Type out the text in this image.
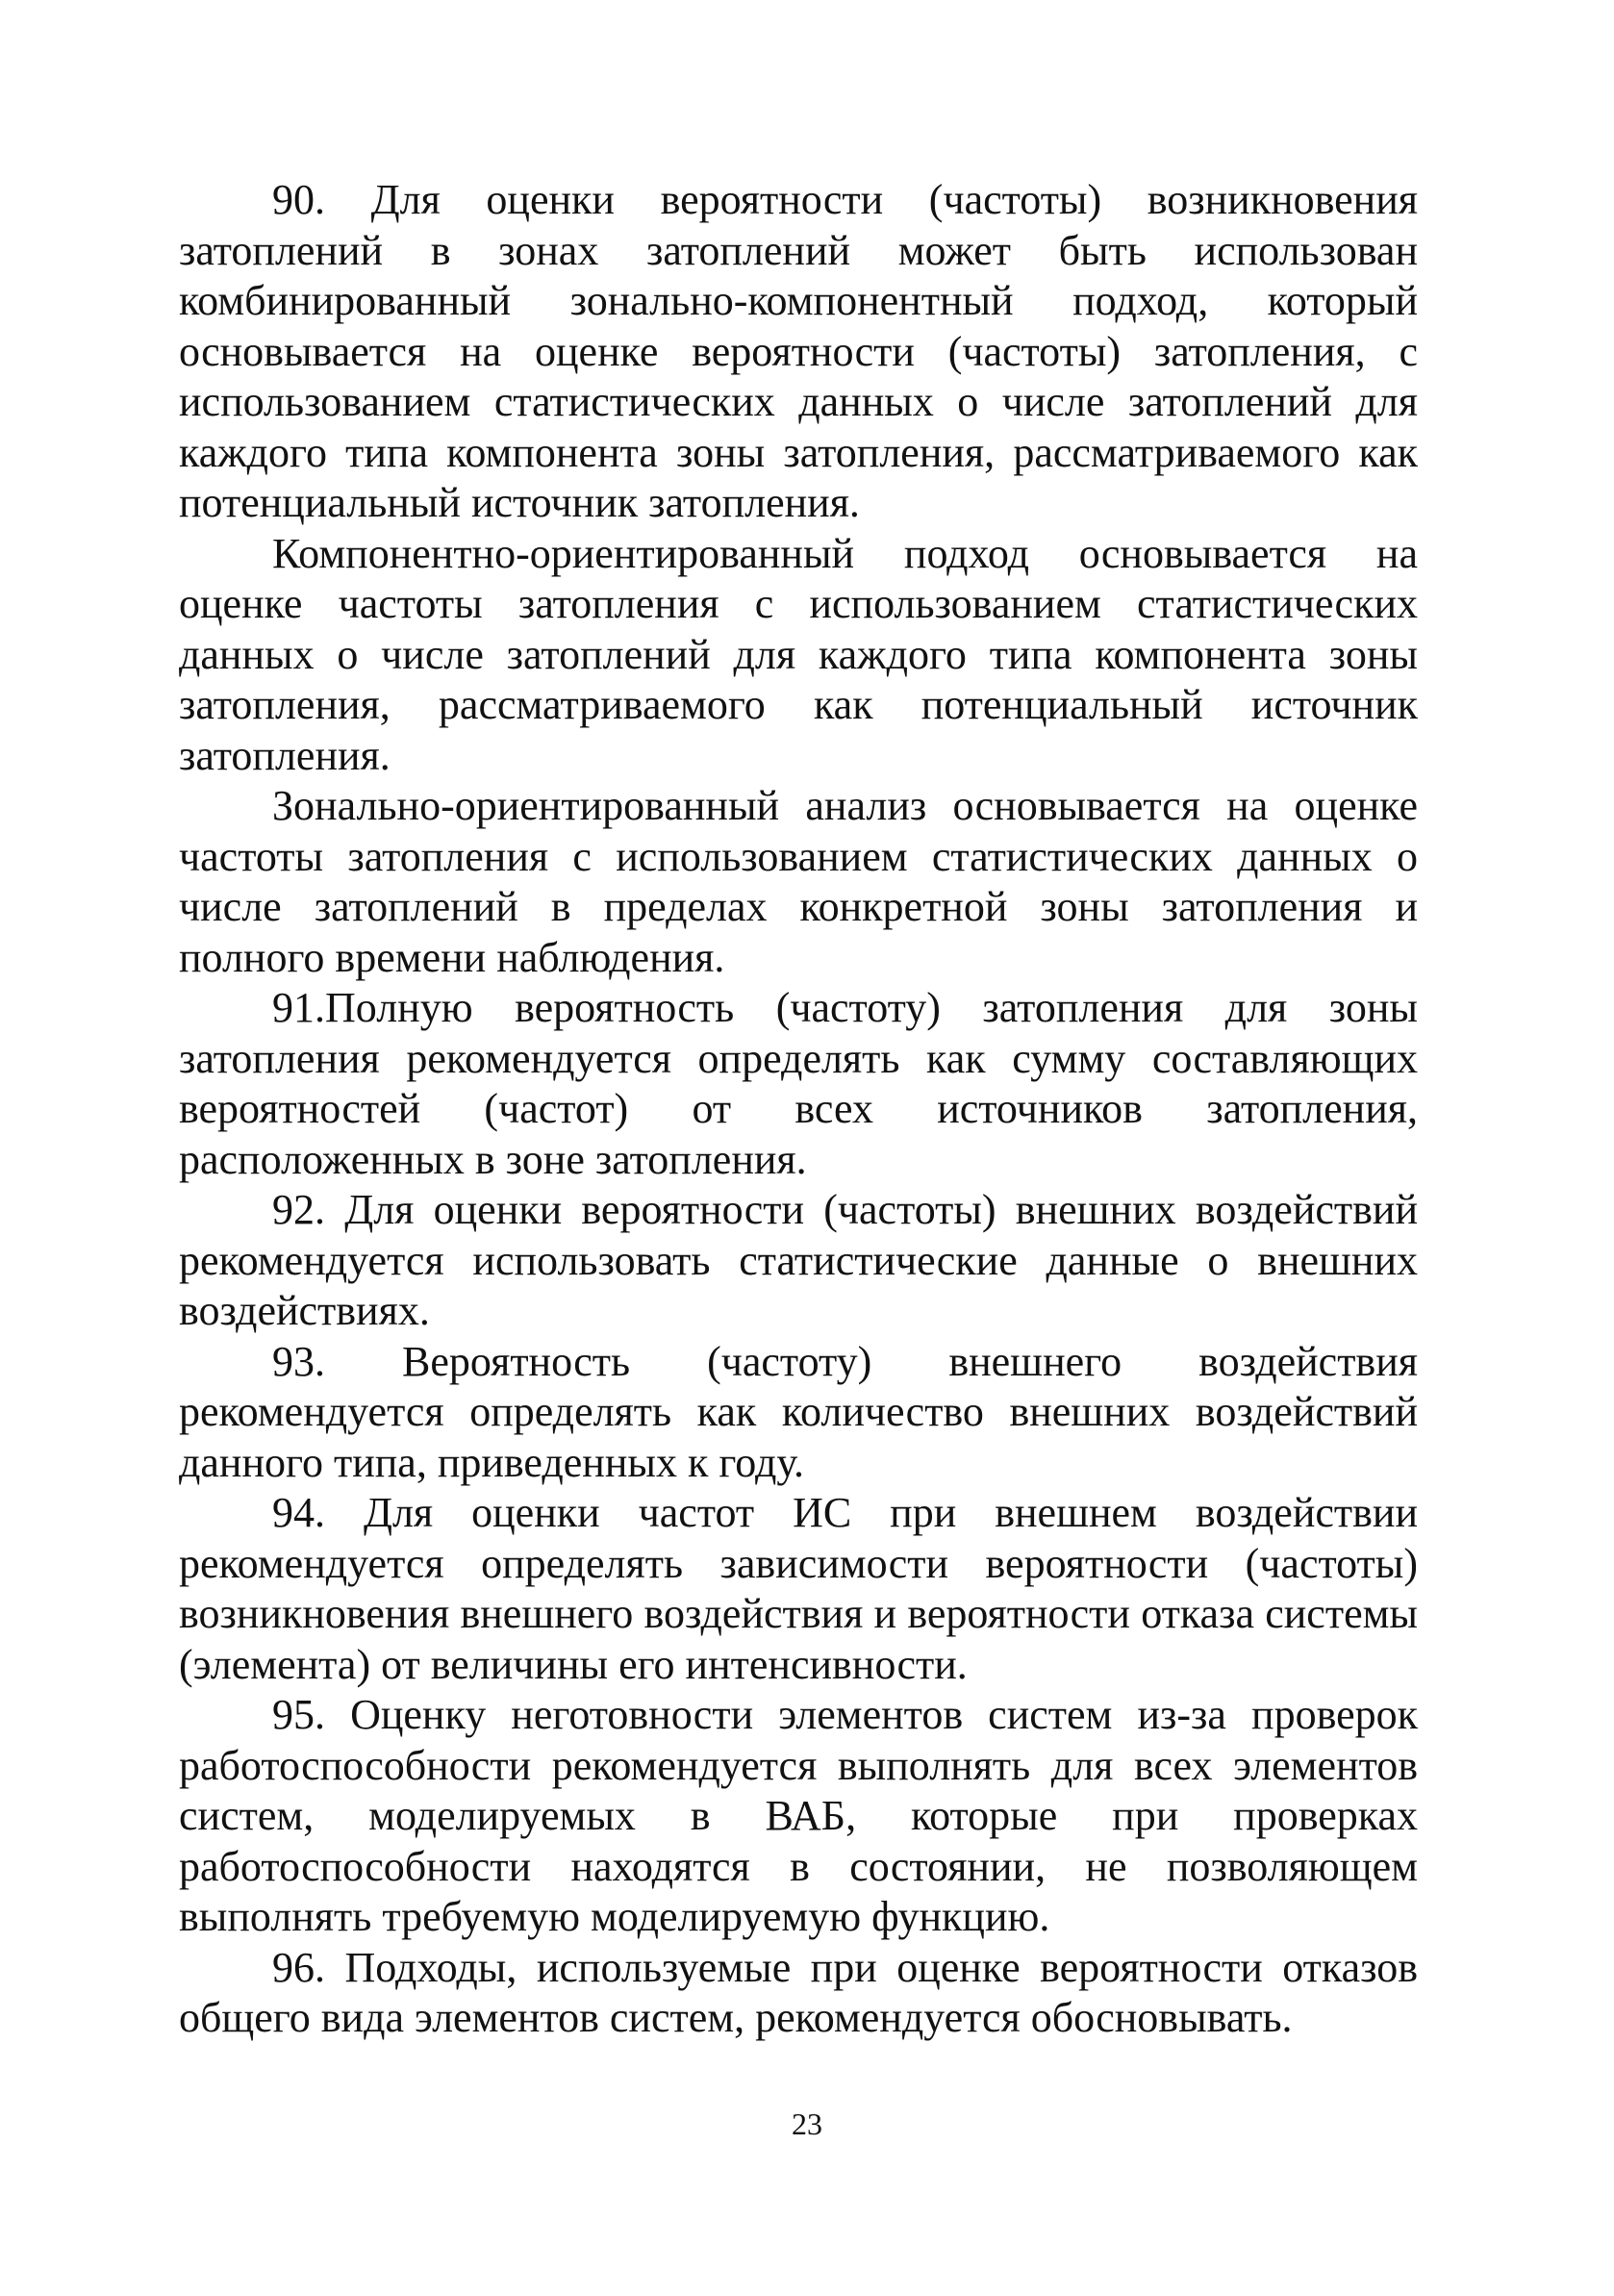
90. Для оценки вероятности (частоты) возникновения затоплений в зонах затоплений может быть использован комбинированный зонально-компонентный подход, который основывается на оценке вероятности (частоты) затопления, с использованием статистических данных о числе затоплений для каждого типа компонента зоны затопления, рассматриваемого как потенциальный источник затопления.

Компонентно-ориентированный подход основывается на оценке частоты затопления с использованием статистических данных о числе затоплений для каждого типа компонента зоны затопления, рассматриваемого как потенциальный источник затопления.

Зонально-ориентированный анализ основывается на оценке частоты затопления с использованием статистических данных о числе затоплений в пределах конкретной зоны затопления и полного времени наблюдения.

91.Полную вероятность (частоту) затопления для зоны затопления рекомендуется определять как сумму составляющих вероятностей (частот) от всех источников затопления, расположенных в зоне затопления.

92. Для оценки вероятности (частоты) внешних воздействий рекомендуется использовать статистические данные о внешних воздействиях.

93. Вероятность (частоту) внешнего воздействия рекомендуется определять как количество внешних воздействий данного типа, приведенных к году.

94. Для оценки частот ИС при внешнем воздействии рекомендуется определять зависимости вероятности (частоты) возникновения внешнего воздействия и вероятности отказа системы (элемента) от величины его интенсивности.

95. Оценку неготовности элементов систем из-за проверок работоспособности рекомендуется выполнять для всех элементов систем, моделируемых в ВАБ, которые при проверках работоспособности находятся в состоянии, не позволяющем выполнять требуемую моделируемую функцию.

96. Подходы, используемые при оценке вероятности отказов общего вида элементов систем, рекомендуется обосновывать.

23
